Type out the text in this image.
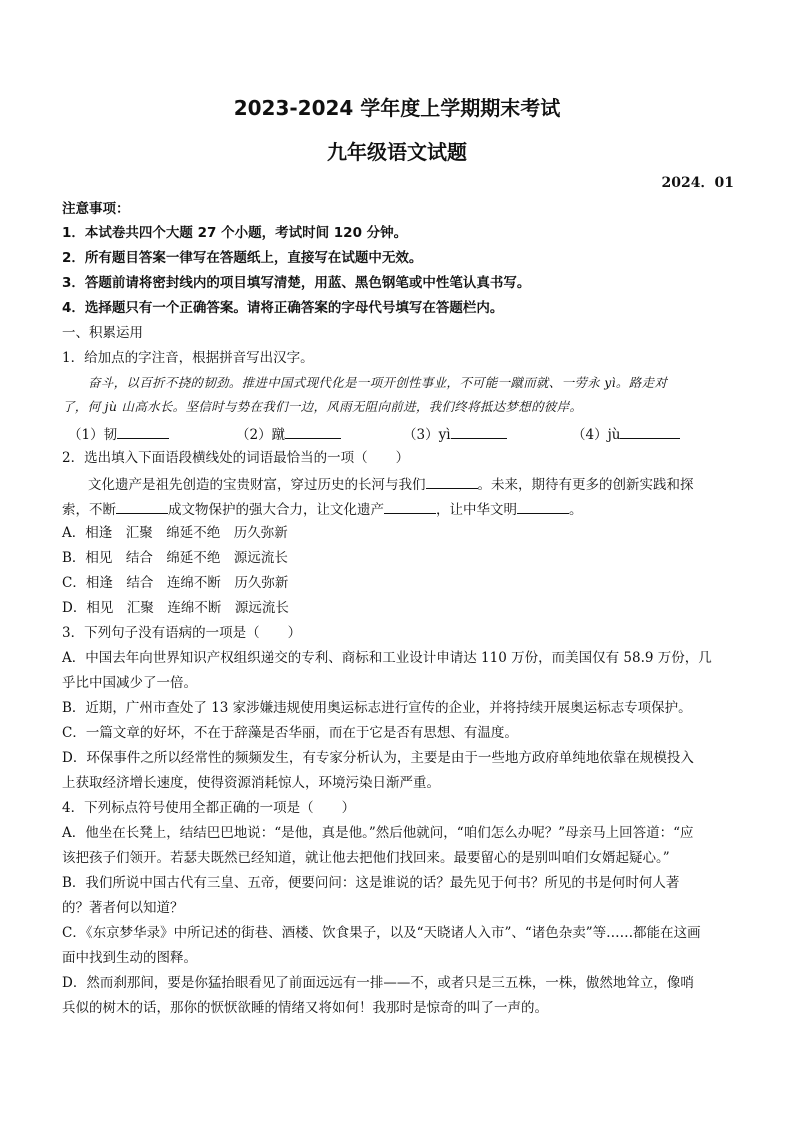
2023-2024 学年度上学期期末考试
九年级语文试题
2024．01
注意事项：
1．本试卷共四个大题 27 个小题，考试时间 120 分钟。
2．所有题目答案一律写在答题纸上，直接写在试题中无效。
3．答题前请将密封线内的项目填写清楚，用蓝、黑色钢笔或中性笔认真书写。
4．选择题只有一个正确答案。请将正确答案的字母代号填写在答题栏内。
一、积累运用
1．给加点的字注音，根据拼音写出汉字。
奋斗，以百折不挠的韧劲。推进中国式现代化是一项开创性事业，不可能一蹴而就、一劳永 yì。路走对
了，何 jù 山高水长。坚信时与势在我们一边，风雨无阻向前进，我们终将抵达梦想的彼岸。
（1）韧	（2）蹴	（3）yì	（4）jù
2．选出填入下面语段横线处的词语最恰当的一项（ ）
文化遗产是祖先创造的宝贵财富，穿过历史的长河与我们	。未来，期待有更多的创新实践和探
索，不断	成文物保护的强大合力，让文化遗产	，让中华文明	。
A．相逢　汇聚　绵延不绝　历久弥新
B．相见　结合　绵延不绝　源远流长
C．相逢　结合　连绵不断　历久弥新
D．相见　汇聚　连绵不断　源远流长
3．下列句子没有语病的一项是（ ）
A．中国去年向世界知识产权组织递交的专利、商标和工业设计申请达 110 万份，而美国仅有 58.9 万份，几
乎比中国减少了一倍。
B．近期，广州市查处了 13 家涉嫌违规使用奥运标志进行宣传的企业，并将持续开展奥运标志专项保护。
C．一篇文章的好坏，不在于辞藻是否华丽，而在于它是否有思想、有温度。
D．环保事件之所以经常性的频频发生，有专家分析认为，主要是由于一些地方政府单纯地依靠在规模投入
上获取经济增长速度，使得资源消耗惊人，环境污染日渐严重。
4．下列标点符号使用全都正确的一项是（ ）
A．他坐在长凳上，结结巴巴地说：“是他，真是他。”然后他就问，“咱们怎么办呢？”母亲马上回答道：“应
该把孩子们领开。若瑟夫既然已经知道，就让他去把他们找回来。最要留心的是别叫咱们女婿起疑心。”
B．我们所说中国古代有三皇、五帝，便要问问：这是谁说的话？最先见于何书？所见的书是何时何人著
的？著者何以知道？
C．《东京梦华录》中所记述的街巷、酒楼、饮食果子，以及“天晓诸人入市”、“诸色杂卖”等……都能在这画
面中找到生动的图释。
D．然而刹那间，要是你猛抬眼看见了前面远远有一排——不，或者只是三五株，一株，傲然地耸立，像哨
兵似的树木的话，那你的恹恹欲睡的情绪又将如何！我那时是惊奇的叫了一声的。
